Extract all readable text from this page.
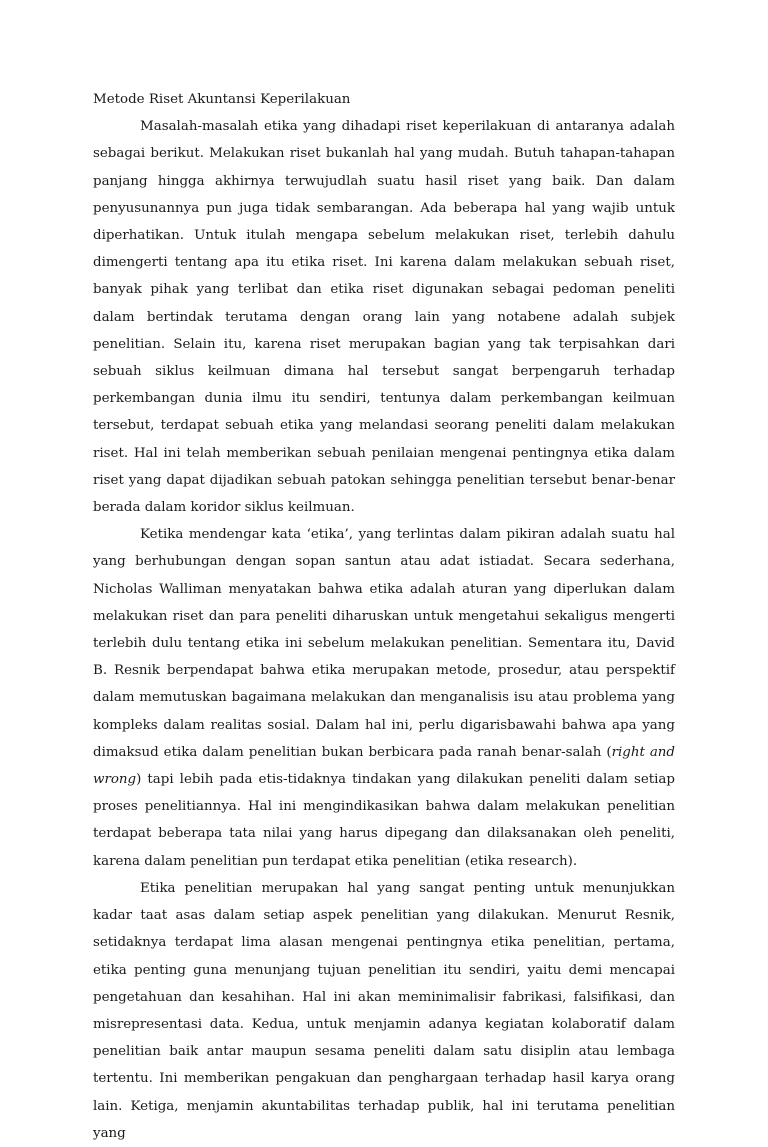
Metode Riset Akuntansi Keperilakuan

Masalah-masalah etika yang dihadapi riset keperilakuan di antaranya adalah sebagai berikut. Melakukan riset bukanlah hal yang mudah. Butuh tahapan-tahapan panjang hingga akhirnya terwujudlah suatu hasil riset yang baik. Dan dalam penyusunannya pun juga tidak sembarangan. Ada beberapa hal yang wajib untuk diperhatikan. Untuk itulah mengapa sebelum melakukan riset, terlebih dahulu dimengerti tentang apa itu etika riset. Ini karena dalam melakukan sebuah riset, banyak pihak yang terlibat dan etika riset digunakan sebagai pedoman peneliti dalam bertindak terutama dengan orang lain yang notabene adalah subjek penelitian. Selain itu, karena riset merupakan bagian yang tak terpisahkan dari sebuah siklus keilmuan dimana hal tersebut sangat berpengaruh terhadap perkembangan dunia ilmu itu sendiri, tentunya dalam perkembangan keilmuan tersebut, terdapat sebuah etika yang melandasi seorang peneliti dalam melakukan riset. Hal ini telah memberikan sebuah penilaian mengenai pentingnya etika dalam riset yang dapat dijadikan sebuah patokan sehingga penelitian tersebut benar-benar berada dalam koridor siklus keilmuan.

Ketika mendengar kata ‘etika’, yang terlintas dalam pikiran adalah suatu hal yang berhubungan dengan sopan santun atau adat istiadat. Secara sederhana, Nicholas Walliman menyatakan bahwa etika adalah aturan yang diperlukan dalam melakukan riset dan para peneliti diharuskan untuk mengetahui sekaligus mengerti terlebih dulu tentang etika ini sebelum melakukan penelitian. Sementara itu, David B. Resnik berpendapat bahwa etika merupakan metode, prosedur, atau perspektif dalam memutuskan bagaimana melakukan dan menganalisis isu atau problema yang kompleks dalam realitas sosial. Dalam hal ini, perlu digarisbawahi bahwa apa yang dimaksud etika dalam penelitian bukan berbicara pada ranah benar-salah (right and wrong) tapi lebih pada etis-tidaknya tindakan yang dilakukan peneliti dalam setiap proses penelitiannya. Hal ini mengindikasikan bahwa dalam melakukan penelitian terdapat beberapa tata nilai yang harus dipegang dan dilaksanakan oleh peneliti, karena dalam penelitian pun terdapat etika penelitian (etika research).

Etika penelitian merupakan hal yang sangat penting untuk menunjukkan kadar taat asas dalam setiap aspek penelitian yang dilakukan. Menurut Resnik, setidaknya terdapat lima alasan mengenai pentingnya etika penelitian, pertama, etika penting guna menunjang tujuan penelitian itu sendiri, yaitu demi mencapai pengetahuan dan kesahihan. Hal ini akan meminimalisir fabrikasi, falsifikasi, dan misrepresentasi data. Kedua, untuk menjamin adanya kegiatan kolaboratif dalam penelitian baik antar maupun sesama peneliti dalam satu disiplin atau lembaga tertentu. Ini memberikan pengakuan dan penghargaan terhadap hasil karya orang lain. Ketiga, menjamin akuntabilitas terhadap publik, hal ini terutama penelitian yang
